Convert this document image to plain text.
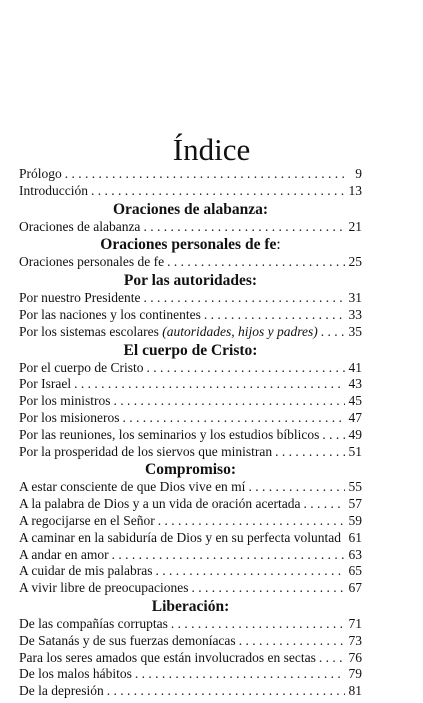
Índice
Prólogo . . .	9
Introducción . . .	13
Oraciones de alabanza:
Oraciones de alabanza . . .	21
Oraciones personales de fe:
Oraciones personales de fe . . .	25
Por las autoridades:
Por nuestro Presidente . . .	31
Por las naciones y los continentes . . .	33
Por los sistemas escolares (autoridades, hijos y padres) . . . 35
El cuerpo de Cristo:
Por el cuerpo de Cristo . . .	41
Por Israel . . .	43
Por los ministros . . .	45
Por los misioneros . . .	47
Por las reuniones, los seminarios y los estudios bíblicos . . . 49
Por la prosperidad de los siervos que ministran . . .	51
Compromiso:
A estar consciente de que Dios vive en mí . . .	55
A la palabra de Dios y a un vida de oración acertada . . .	57
A regocijarse en el Señor . . .	59
A caminar en la sabiduría de Dios y en su perfecta voluntad . . . 61
A andar en amor . . .	63
A cuidar de mis palabras . . .	65
A vivir libre de preocupaciones . . .	67
Liberación:
De las compañías corruptas . . .	71
De Satanás y de sus fuerzas demoníacas . . .	73
Para los seres amados que están involucrados en sectas . . . 76
De los malos hábitos . . .	79
De la depresión . . .	81
